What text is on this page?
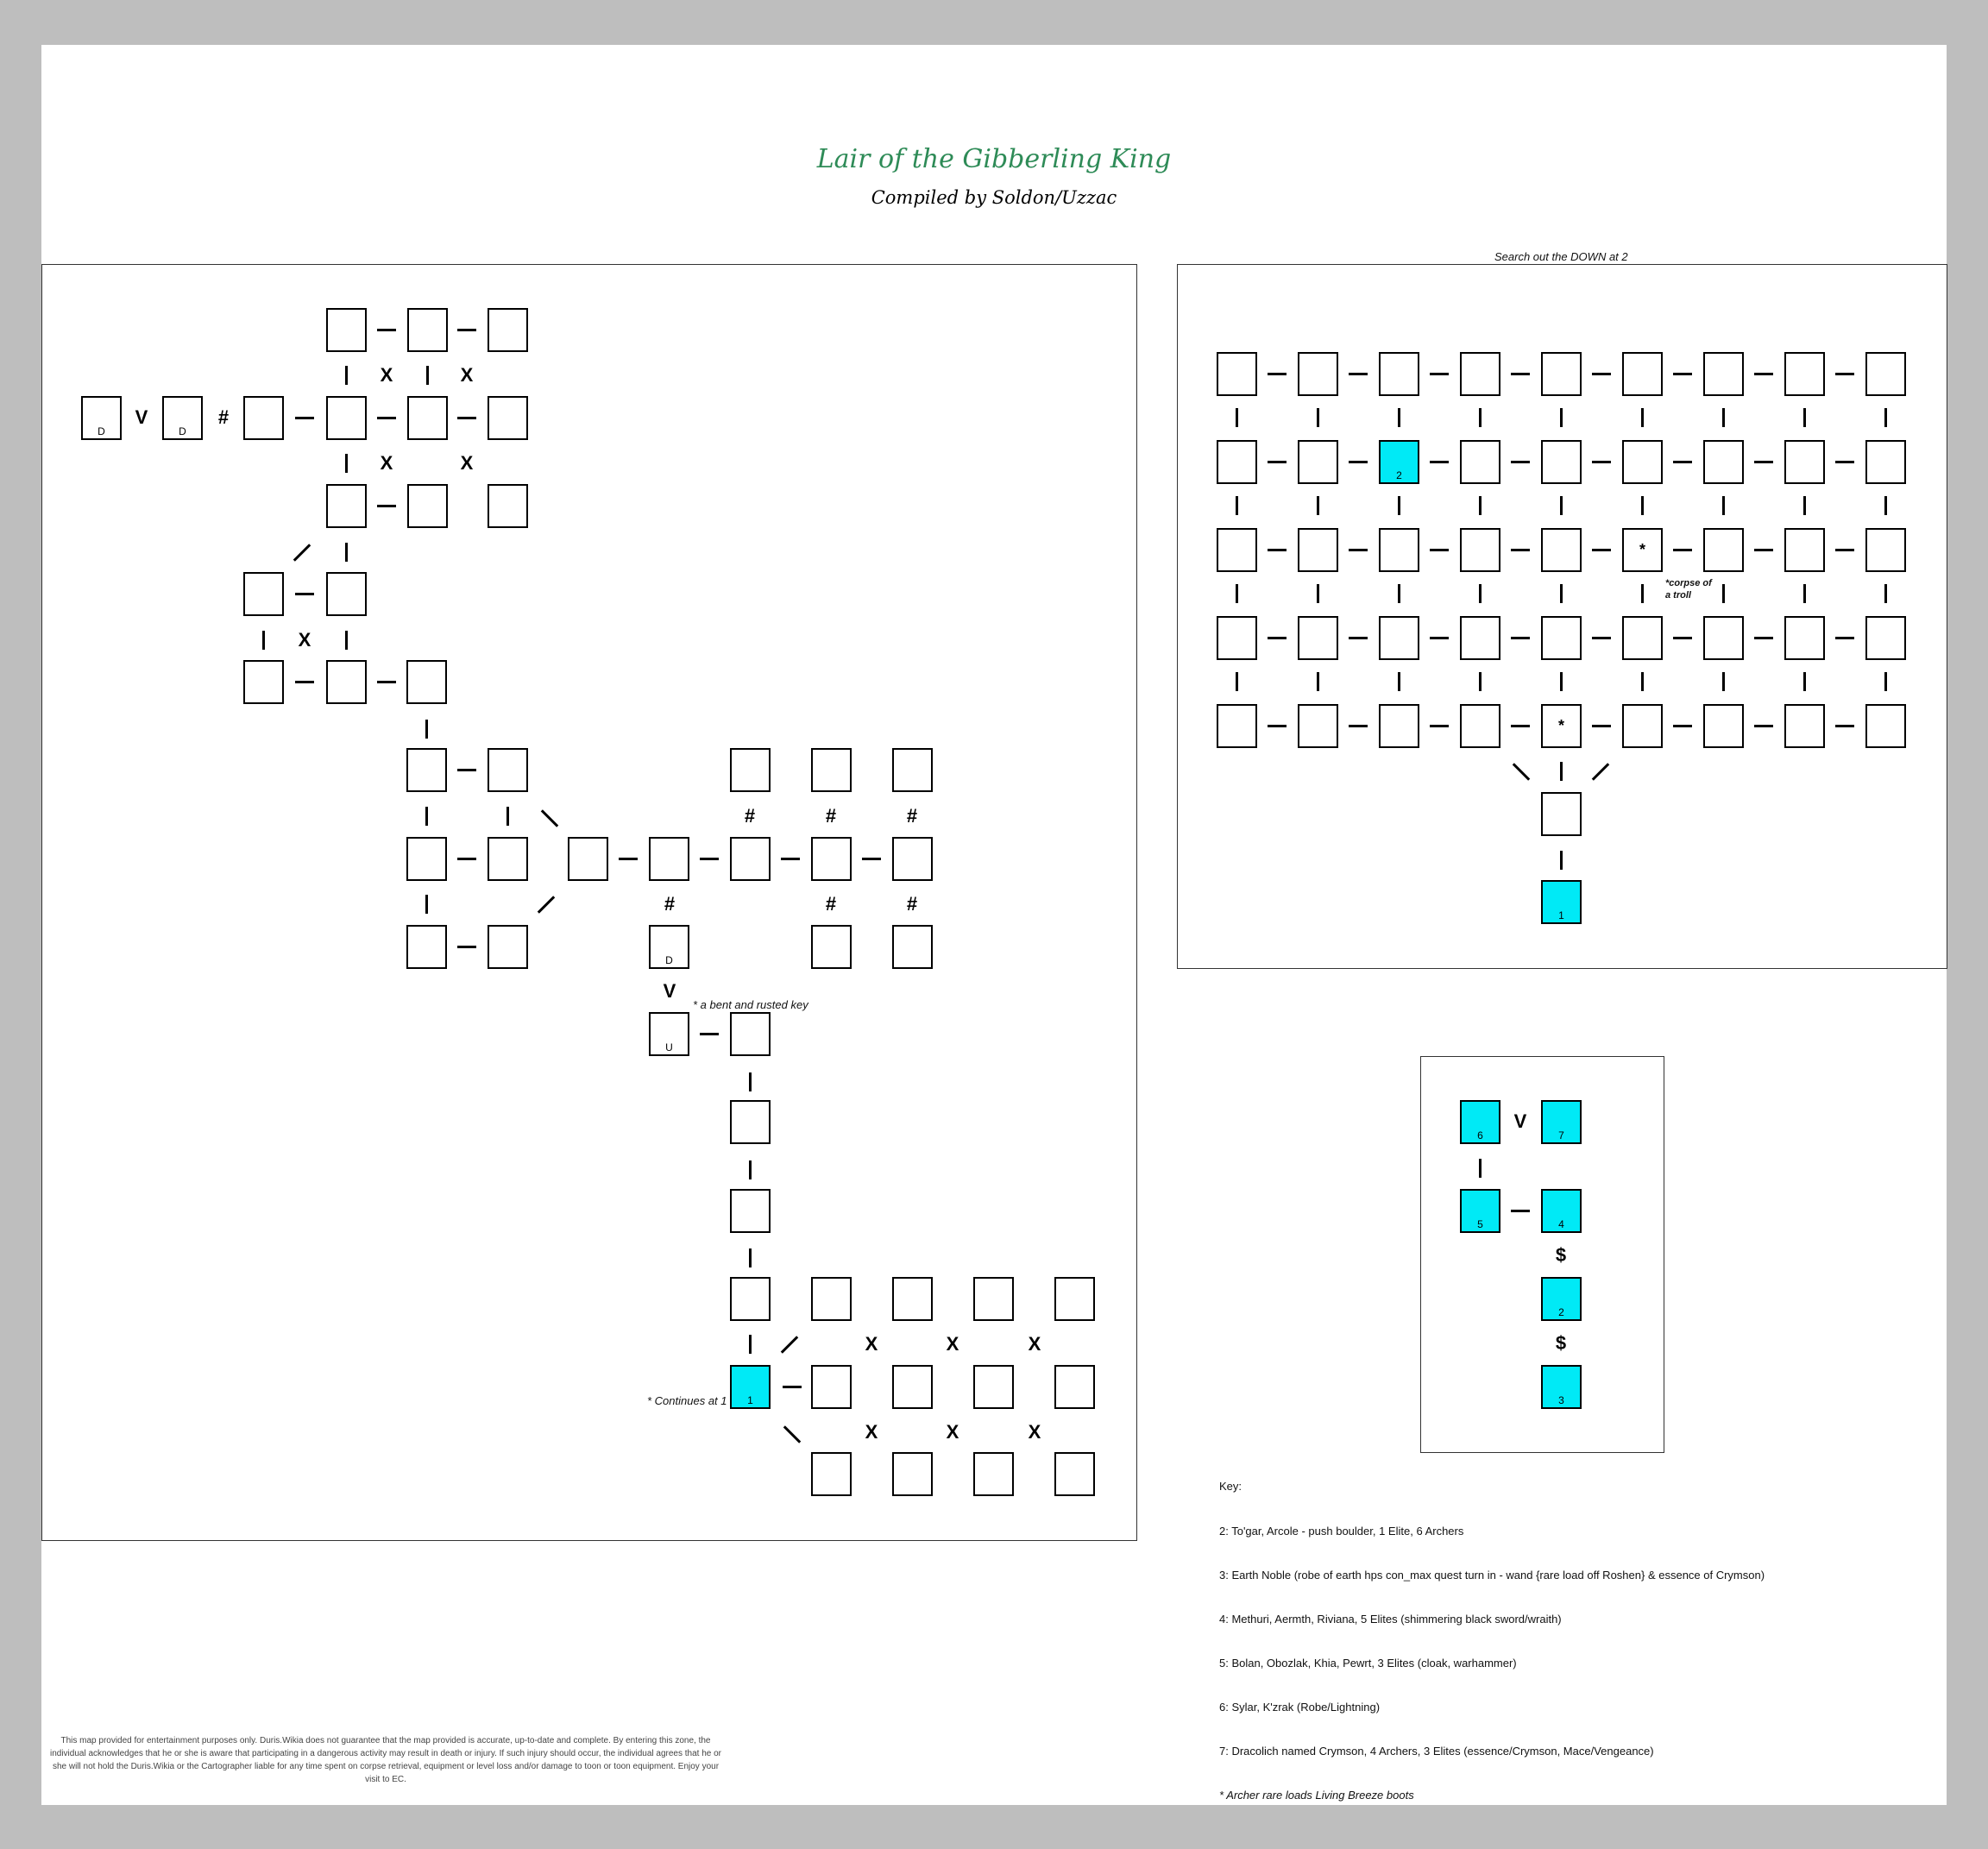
Lair of the Gibberling King
Compiled by Soldon/Uzzac
Search out the DOWN at 2
* a bent and rusted key
* Continues at 1
*corpse of a troll
X	X
D
V
D
#
X	X
X
#	#	#
#	#	#
D
V
U
X	X	X
1
X	X	X
2
*
*
1
6
V
7
5	4
$
2
$
3
This map provided for entertainment purposes only. Duris.Wikia does not guarantee that the map provided is accurate, up-to-date and complete. By entering this zone, the individual acknowledges that he or she is aware that participating in a dangerous activity may result in death or injury. If such injury should occur, the individual agrees that he or she will not hold the Duris.Wikia or the Cartographer liable for any time spent on corpse retrieval, equipment or level loss and/or damage to toon or toon equipment. Enjoy your visit to EC.
Key:
2: To'gar, Arcole - push boulder, 1 Elite, 6 Archers
3: Earth Noble (robe of earth hps con_max quest turn in - wand {rare load off Roshen} & essence of Crymson)
4: Methuri, Aermth, Riviana, 5 Elites (shimmering black sword/wraith)
5: Bolan, Obozlak, Khia, Pewrt, 3 Elites (cloak, warhammer)
6: Sylar, K'zrak (Robe/Lightning)
7: Dracolich named Crymson, 4 Archers, 3 Elites (essence/Crymson, Mace/Vengeance)
* Archer rare loads Living Breeze boots
